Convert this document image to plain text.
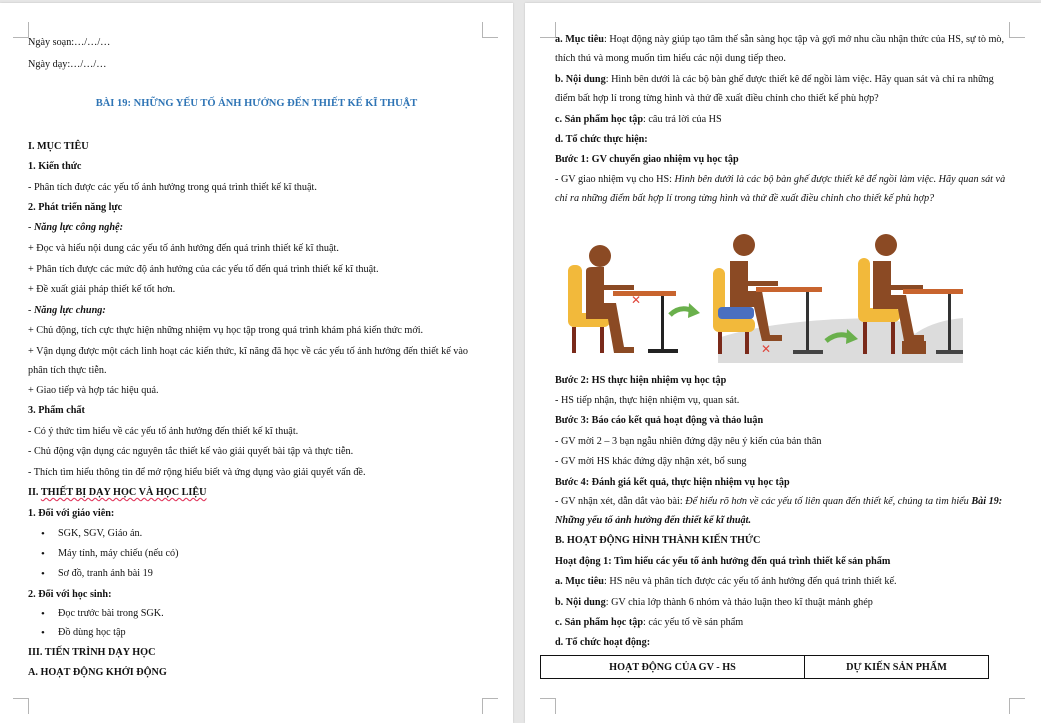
Ngày soạn:…/…/…
Ngày dạy:…/…/…
BÀI 19: NHỮNG YẾU TỐ ẢNH HƯỞNG ĐẾN THIẾT KẾ KĨ THUẬT
I. MỤC TIÊU
1. Kiến thức
- Phân tích được các yếu tố ảnh hưởng trong quá trình thiết kế kĩ thuật.
2. Phát triển năng lực
- Năng lực công nghệ:
+ Đọc và hiểu nội dung các yếu tố ảnh hưởng đến quá trình thiết kế kĩ thuật.
+ Phân tích được các mức độ ảnh hưởng của các yếu tố đến quá trình thiết kế kĩ thuật.
+ Đề xuất giải pháp thiết kế tốt hơn.
- Năng lực chung:
+ Chủ động, tích cực thực hiện những nhiệm vụ học tập trong quá trình khám phá kiến thức mới.
+ Vận dụng được một cách linh hoạt các kiến thức, kĩ năng đã học về các yếu tố ảnh hưởng đến thiết kế vào phân tích thực tiễn.
+ Giao tiếp và hợp tác hiệu quả.
3. Phẩm chất
- Có ý thức tìm hiểu về các yếu tố ảnh hưởng đến thiết kế kĩ thuật.
- Chủ động vận dụng các nguyên tắc thiết kế vào giải quyết bài tập và thực tiễn.
- Thích tìm hiểu thông tin để mở rộng hiểu biết và ứng dụng vào giải quyết vấn đề.
II. THIẾT BỊ DẠY HỌC VÀ HỌC LIỆU
1. Đối với giáo viên:
• SGK, SGV, Giáo án.
• Máy tính, máy chiếu (nếu có)
• Sơ đồ, tranh ảnh bài 19
2. Đối với học sinh:
• Đọc trước bài trong SGK.
• Đồ dùng học tập
III. TIẾN TRÌNH DẠY HỌC
A. HOẠT ĐỘNG KHỞI ĐỘNG
a. Mục tiêu: Hoạt động này giúp tạo tâm thế sẵn sàng học tập và gợi mở nhu cầu nhận thức của HS, sự tò mò, thích thú và mong muốn tìm hiểu các nội dung tiếp theo.
b. Nội dung: Hình bên dưới là các bộ bàn ghế được thiết kê để ngồi làm việc. Hãy quan sát và chỉ ra những điểm bất hợp lí trong từng hình và thử đề xuất điều chỉnh cho thiết kế phù hợp?
c. Sản phẩm học tập: câu trả lời của HS
d. Tổ chức thực hiện:
Bước 1: GV chuyển giao nhiệm vụ học tập
- GV giao nhiệm vụ cho HS: Hình bên dưới là các bộ bàn ghế được thiết kê để ngồi làm việc. Hãy quan sát và chỉ ra những điểm bất hợp lí trong từng hình và thử đề xuất điều chỉnh cho thiết kế phù hợp?
✕
✕
Bước 2: HS thực hiện nhiệm vụ học tập
- HS tiếp nhận, thực hiện nhiệm vụ, quan sát.
Bước 3: Báo cáo kết quả hoạt động và thảo luận
- GV mời 2 – 3 bạn ngẫu nhiên đứng dậy nêu ý kiến của bản thân
- GV mời HS khác đứng dậy nhận xét, bổ sung
Bước 4: Đánh giá kết quả, thực hiện nhiệm vụ học tập
- GV nhận xét, dẫn dắt vào bài: Để hiểu rõ hơn về các yếu tố liên quan đến thiết kế, chúng ta tìm hiểu Bài 19: Những yếu tố ảnh hưởng đến thiết kế kĩ thuật.
B. HOẠT ĐỘNG HÌNH THÀNH KIẾN THỨC
Hoạt động 1: Tìm hiểu các yếu tố ảnh hưởng đến quá trình thiết kế sản phẩm
a. Mục tiêu: HS nêu và phân tích được các yếu tố ảnh hưởng đến quá trình thiết kế.
b. Nội dung: GV chia lớp thành 6 nhóm và thảo luận theo kĩ thuật mảnh ghép
c. Sản phẩm học tập: các yếu tố về sản phẩm
d. Tổ chức hoạt động:
HOẠT ĐỘNG CỦA GV - HS	DỰ KIẾN SẢN PHẨM
